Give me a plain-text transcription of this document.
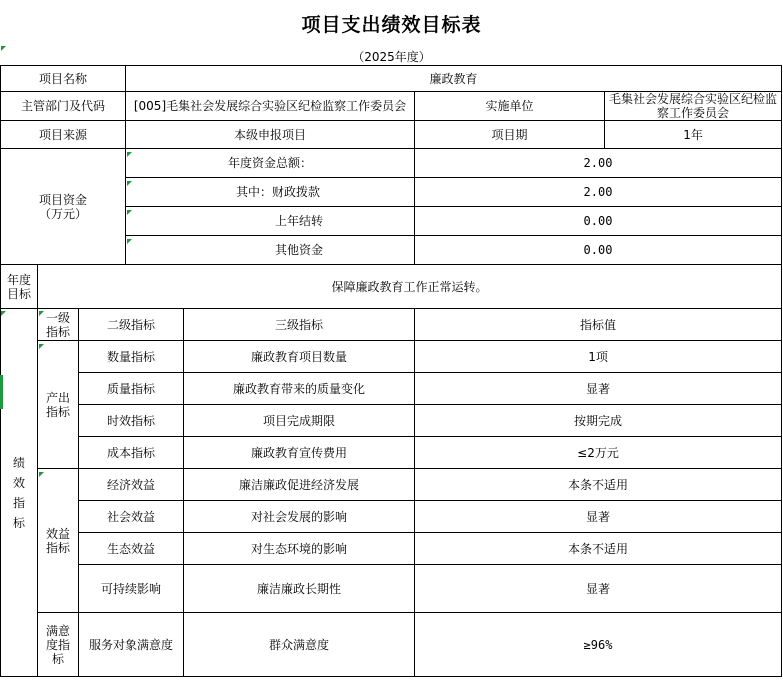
项目支出绩效目标表
（2025年度）
项目名称			廉政教育			
主管部门及代码			[005]毛集社会发展综合实验区纪检监察工作委员会		实施单位	毛集社会发展综合实验区纪检监察工作委员会
项目来源			本级申报项目		项目期	1年
项目资金（万元）			年度资金总额：		2.00	
			其中：财政拨款		2.00	
			上年结转		0.00	
			其他资金		0.00	
年度目标	保障廉政教育工作正常运转。					
绩效指标	一级指标	二级指标		三级指标	指标值	
	产出指标	数量指标		廉政教育项目数量	1项	
		质量指标		廉政教育带来的质量变化	显著	
		时效指标		项目完成期限	按期完成	
		成本指标		廉政教育宣传费用	≤2万元	
	效益指标	经济效益		廉洁廉政促进经济发展	本条不适用	
		社会效益		对社会发展的影响	显著	
		生态效益		对生态环境的影响	本条不适用	
		可持续影响		廉洁廉政长期性	显著	
	满意度指标	服务对象满意度		群众满意度	≥96%	
